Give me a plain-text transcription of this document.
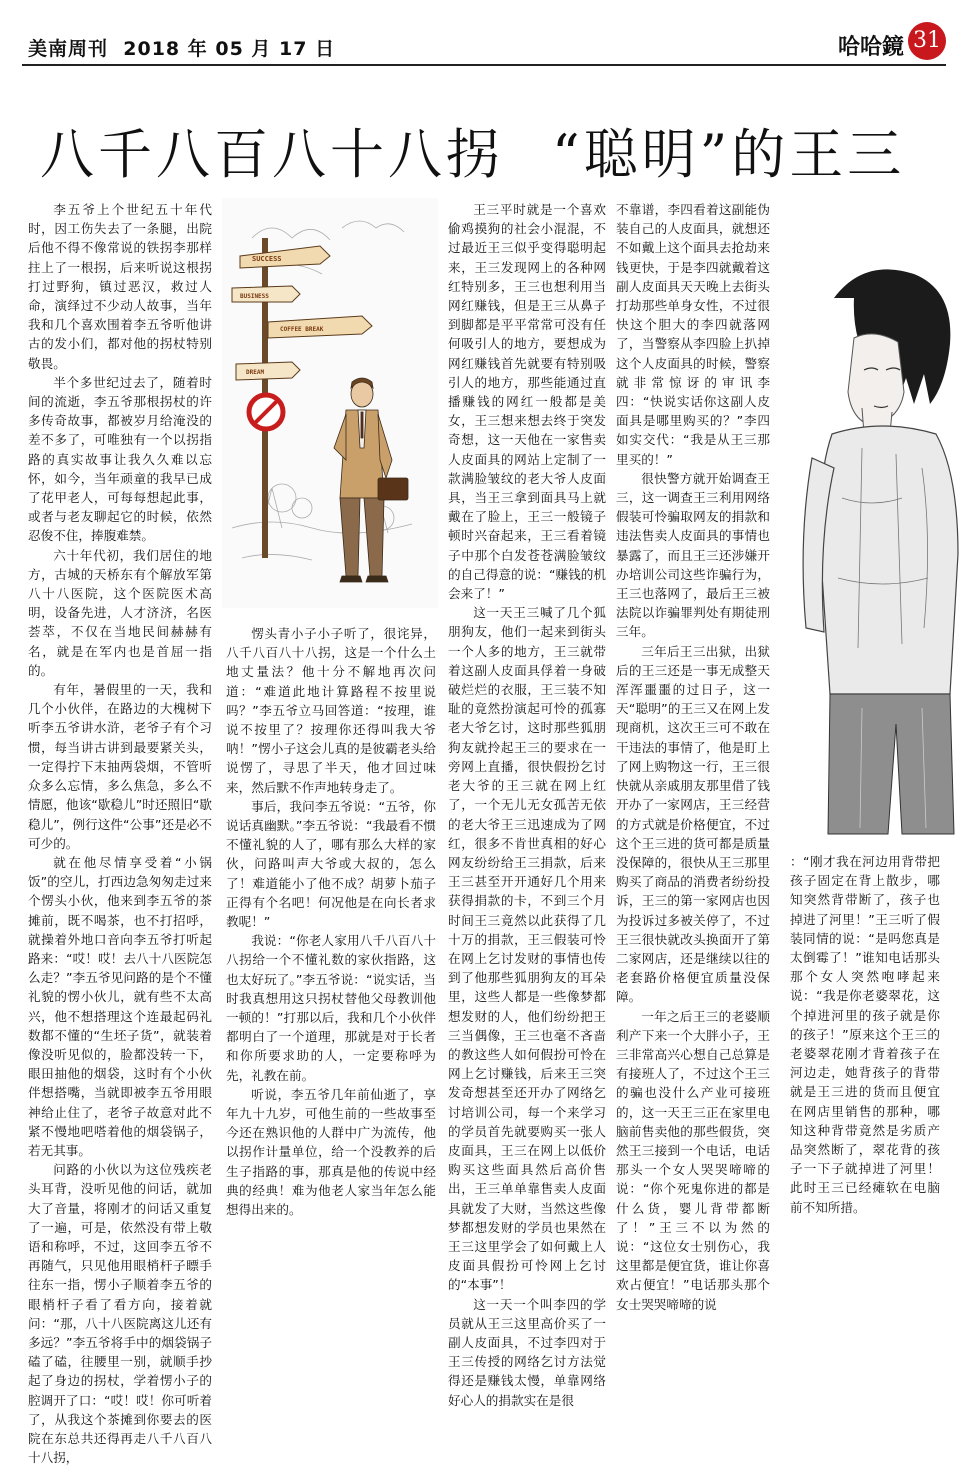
美南周刊 2018 年 05 月 17 日	哈哈鏡 31
八千八百八十八拐 “聪明”的王三

李五爷上个世纪五十年代时，因工伤失去了一条腿，出院后他不得不像常说的铁拐李那样拄上了一根拐，后来听说这根拐打过野狗，镇过恶汉，救过人命，演绎过不少动人故事，当年我和几个喜欢围着李五爷听他讲古的发小们，都对他的拐杖特别敬畏。

半个多世纪过去了，随着时间的流逝，李五爷那根拐杖的许多传奇故事，都被岁月给淹没的差不多了，可唯独有一个以拐指路的真实故事让我久久难以忘怀，如今，当年顽童的我早已成了花甲老人，可每每想起此事，或者与老友聊起它的时候，依然忍俊不住，捧腹难禁。

六十年代初，我们居住的地方，古城的天桥东有个解放军第八十八医院，这个医院医术高明，设备先进，人才济济，名医荟萃，不仅在当地民间赫赫有名，就是在军内也是首屈一指的。

有年，暑假里的一天，我和几个小伙伴，在路边的大槐树下听李五爷讲水浒，老爷子有个习惯，每当讲古讲到最要紧关头，一定得拧下末抽两袋烟，不管听众多么忘情，多么焦急，多么不情愿，他该“歇稳儿”时还照旧“歇稳儿”，例行这件“公事”还是必不可少的。

就在他尽情享受着“小锅饭”的空儿，打西边急匆匆走过来个愣头小伙，他来到李五爷的茶摊前，既不喝茶，也不打招呼，就操着外地口音向李五爷打听起路来：“哎！哎！去八十八医院怎么走？”李五爷见问路的是个不懂礼貌的愣小伙儿，就有些不太高兴，他不想搭理这个连最起码礼数都不懂的“生坯子货”，就装着像没听见似的，脸都没转一下，眼田抽他的烟袋，这时有个小伙伴想搭嘴，当就即被李五爷用眼神给止住了，老爷子故意对此不紧不慢地吧嗒着他的烟袋锅子，若无其事。

问路的小伙以为这位残疾老头耳背，没听见他的问话，就加大了音量，将刚才的问话又重复了一遍，可是，依然没有带上敬语和称呼，不过，这回李五爷不再随气，只见他用眼梢杆子瞟手往东一指，愣小子顺着李五爷的眼梢杆子看了看方向，接着就问：“那，八十八医院离这儿还有多远？”李五爷将手中的烟袋锅子磕了磕，往腰里一别，就顺手抄起了身边的拐杖，学着愣小子的腔调开了口：“哎！哎！你可听着了，从我这个茶摊到你要去的医院在东总共还得再走八千八百八十八拐，

SUCCESS
BUSINESS
COFFEE BREAK
DREAM

愣头青小子小子听了，很诧异，八千八百八十八拐，这是一个什么土地丈量法？他十分不解地再次问道：“难道此地计算路程不按里说吗？”李五爷立马回答道：“按理，谁说不按里了？按理你还得叫我大爷呐！”愣小子这会儿真的是彼霸老头给说愣了，寻思了半天，他才回过味来，然后默不作声地转身走了。

事后，我问李五爷说：“五爷，你说话真幽默。”李五爷说：“我最看不惯不懂礼貌的人了，哪有那么大样的家伙，问路叫声大爷或大叔的，怎么了！难道能小了他不成？胡萝卜茄子正得有个名吧！何况他是在向长者求教呢！”

我说：“你老人家用八千八百八十八拐给一个不懂礼数的家伙指路，这也太好玩了。”李五爷说：“说实话，当时我真想用这只拐杖替他父母教训他一顿的！”打那以后，我和几个小伙伴都明白了一个道理，那就是对于长者和你所要求助的人，一定要称呼为先，礼教在前。

听说，李五爷几年前仙逝了，享年九十九岁，可他生前的一些故事至今还在熟识他的人群中广为流传，他以拐作计量单位，给一个没教养的后生子指路的事，那真是他的传说中经典的经典！难为他老人家当年怎么能想得出来的。

王三平时就是一个喜欢偷鸡摸狗的社会小混混，不过最近王三似乎变得聪明起来，王三发现网上的各种网红特别多，王三也想利用当网红赚钱，但是王三从鼻子到脚都是平平常常可没有任何吸引人的地方，要想成为网红赚钱首先就要有特别吸引人的地方，那些能通过直播赚钱的网红一般都是美女，王三想来想去终于突发奇想，这一天他在一家售卖人皮面具的网站上定制了一款满脸皱纹的老大爷人皮面具，当王三拿到面具马上就戴在了脸上，王三一般镜子顿时兴奋起来，王三看着镜子中那个白发苍苍满脸皱纹的自己得意的说：“赚钱的机会来了！”

这一天王三喊了几个狐朋狗友，他们一起来到街头一个人多的地方，王三就带着这副人皮面具俘着一身破破烂烂的衣服，王三装不知耻的竟然扮演起可怜的孤寡老大爷乞讨，这时那些狐朋狗友就拎起王三的要求在一旁网上直播，很快假扮乞讨老大爷的王三就在网上红了，一个无儿无女孤苦无依的老大爷王三迅速成为了网红，很多不肯世真相的好心网友纷纷给王三捐款，后来王三甚至开开通好几个用来获得捐款的卡，不到三个月时间王三竟然以此获得了几十万的捐款，王三假装可怜在网上乞讨发财的事情也传到了他那些狐朋狗友的耳朵里，这些人都是一些像梦都想发财的人，他们纷纷把王三当偶像，王三也毫不吝啬的教这些人如何假扮可怜在网上乞讨赚钱，后来王三突发奇想甚至还开办了网络乞讨培训公司，每一个来学习的学员首先就要购买一张人皮面具，王三在网上以低价购买这些面具然后高价售出，王三单单靠售卖人皮面具就发了大财，当然这些像梦都想发财的学员也果然在王三这里学会了如何戴上人皮面具假扮可怜网上乞讨的“本事”！

这一天一个叫李四的学员就从王三这里高价买了一副人皮面具，不过李四对于王三传授的网络乞讨方法觉得还是赚钱太慢，单靠网络好心人的捐款实在是很

不靠谱，李四看着这副能伪装自己的人皮面具，就想还不如戴上这个面具去抢劫来钱更快，于是李四就戴着这副人皮面具天天晚上去街头打劫那些单身女性，不过很快这个胆大的李四就落网了，当警察从李四脸上扒掉这个人皮面具的时候，警察就非常惊讶的审讯李四：“快说实话你这副人皮面具是哪里购买的？”李四如实交代：“我是从王三那里买的！”

很快警方就开始调查王三，这一调查王三利用网络假装可怜骗取网友的捐款和违法售卖人皮面具的事情也暴露了，而且王三还涉嫌开办培训公司这些诈骗行为，王三也落网了，最后王三被法院以诈骗罪判处有期徒刑三年。

三年后王三出狱，出狱后的王三还是一事无成整天浑浑噩噩的过日子，这一天“聪明”的王三又在网上发现商机，这次王三可不敢在干违法的事情了，他是盯上了网上购物这一行，王三很快就从亲戚朋友那里借了钱开办了一家网店，王三经营的方式就是价格便宜，不过这个王三进的货可都是质量没保障的，很快从王三那里购买了商品的消费者纷纷投诉，王三的第一家网店也因为投诉过多被关停了，不过王三很快就改头换面开了第二家网店，还是继续以往的老套路价格便宜质量没保障。

一年之后王三的老婆顺利产下来一个大胖小子，王三非常高兴心想自己总算是有接班人了，不过这个王三的骗也没什么产业可接班的，这一天王三正在家里电脑前售卖他的那些假货，突然王三接到一个电话，电话那头一个女人哭哭啼啼的说：“你个死鬼你进的都是什么货，婴儿背带都断了！”王三不以为然的说：“这位女士别伤心，我这里都是便宜货，谁让你喜欢占便宜！”电话那头那个女士哭哭啼啼的说

：“刚才我在河边用背带把孩子固定在背上散步，哪知突然背带断了，孩子也掉进了河里！”王三听了假装同情的说：“是吗您真是太倒霉了！”谁知电话那头那个女人突然咆哮起来说：“我是你老婆翠花，这个掉进河里的孩子就是你的孩子！”原来这个王三的老婆翠花刚才背着孩子在河边走，她背孩子的背带就是王三进的货而且便宜在网店里销售的那种，哪知这种背带竟然是劣质产品突然断了，翠花背的孩子一下子就掉进了河里！此时王三已经瘫软在电脑前不知所措。
